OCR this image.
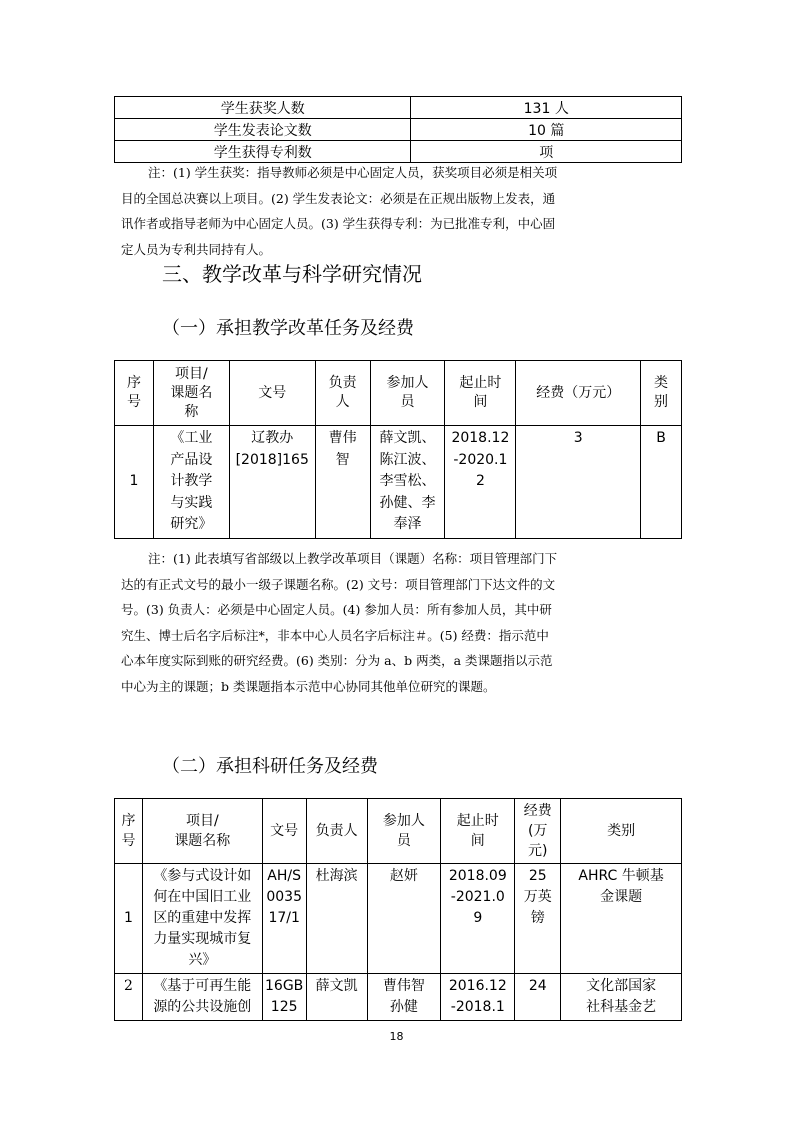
学生获奖人数	131 人
学生发表论文数	10 篇
学生获得专利数	项
注：(1) 学生获奖：指导教师必须是中心固定人员，获奖项目必须是相关项
目的全国总决赛以上项目。(2) 学生发表论文：必须是在正规出版物上发表，通
讯作者或指导老师为中心固定人员。(3) 学生获得专利：为已批准专利，中心固
定人员为专利共同持有人。
三、教学改革与科学研究情况
（一）承担教学改革任务及经费
序
号	项目/
课题名
称	文号	负责
人	参加人
员	起止时
间	经费（万元）	类
别
1	《工业
产品设
计教学
与实践
研究》	辽教办
[2018]165	曹伟
智	薛文凯、
陈江波、
李雪松、
孙健、李
奉泽	2018.12
-2020.1
2	3	B
注：(1) 此表填写省部级以上教学改革项目（课题）名称：项目管理部门下
达的有正式文号的最小一级子课题名称。(2) 文号：项目管理部门下达文件的文
号。(3) 负责人：必须是中心固定人员。(4) 参加人员：所有参加人员，其中研
究生、博士后名字后标注*，非本中心人员名字后标注＃。(5) 经费：指示范中
心本年度实际到账的研究经费。(6) 类别：分为 a、b 两类，a 类课题指以示范
中心为主的课题；b 类课题指本示范中心协同其他单位研究的课题。
（二）承担科研任务及经费
序
号	项目/
课题名称	文号	负责人	参加人
员	起止时
间	经费
(万
元)	类别
1	《参与式设计如
何在中国旧工业
区的重建中发挥
力量实现城市复
兴》	AH/S
0035
17/1	杜海滨	赵妍	2018.09
-2021.0
9	25
万英
镑	AHRC 牛顿基
金课题
2	《基于可再生能
源的公共设施创	16GB
125	薛文凯	曹伟智
孙健	2016.12
-2018.1	24	文化部国家
社科基金艺
18
